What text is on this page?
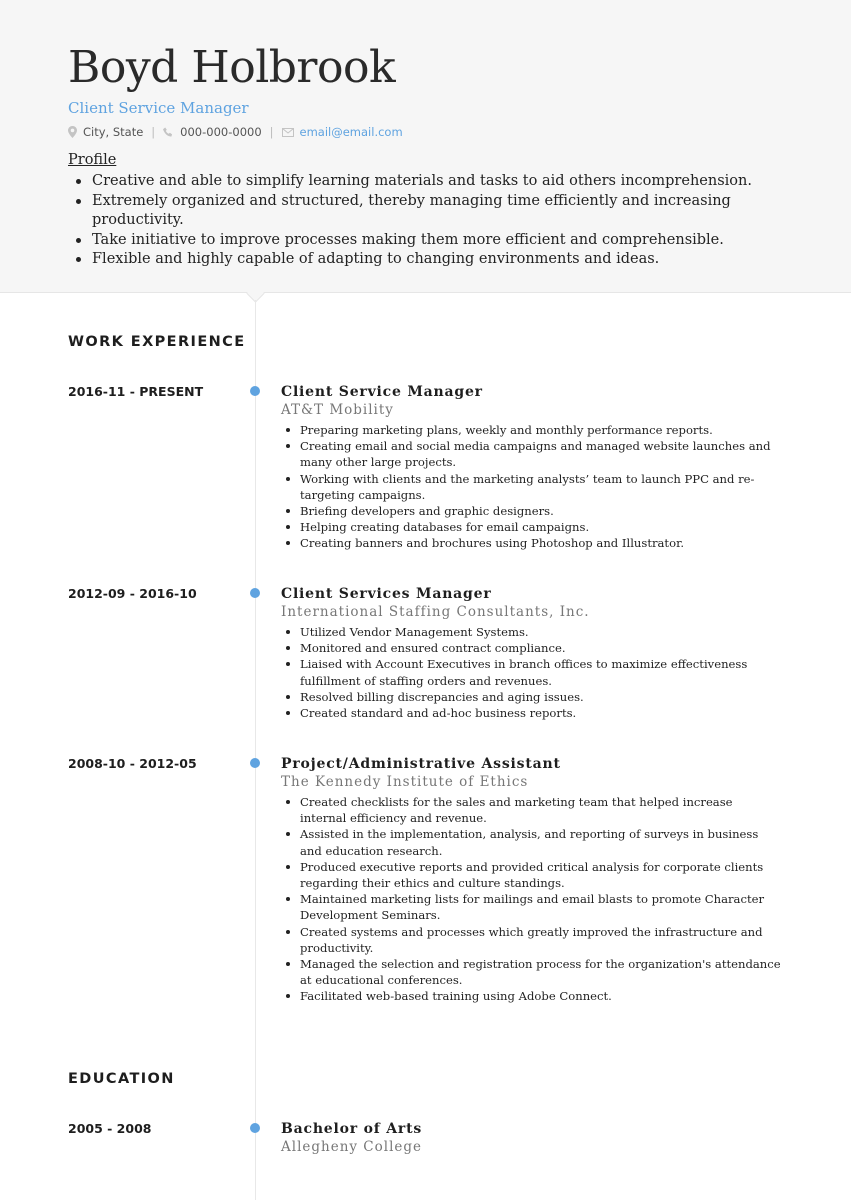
Boyd Holbrook
Client Service Manager
City, State | 000-000-0000 | email@email.com
Profile
Creative and able to simplify learning materials and tasks to aid others incomprehension.
Extremely organized and structured, thereby managing time efficiently and increasing productivity.
Take initiative to improve processes making them more efficient and comprehensible.
Flexible and highly capable of adapting to changing environments and ideas.
WORK EXPERIENCE
2016-11 - PRESENT	Client Service Manager
AT&T Mobility
Preparing marketing plans, weekly and monthly performance reports.
Creating email and social media campaigns and managed website launches and many other large projects.
Working with clients and the marketing analysts’ team to launch PPC and re-targeting campaigns.
Briefing developers and graphic designers.
Helping creating databases for email campaigns.
Creating banners and brochures using Photoshop and Illustrator.
2012-09 - 2016-10	Client Services Manager
International Staffing Consultants, Inc.
Utilized Vendor Management Systems.
Monitored and ensured contract compliance.
Liaised with Account Executives in branch offices to maximize effectiveness fulfillment of staffing orders and revenues.
Resolved billing discrepancies and aging issues.
Created standard and ad-hoc business reports.
2008-10 - 2012-05	Project/Administrative Assistant
The Kennedy Institute of Ethics
Created checklists for the sales and marketing team that helped increase internal efficiency and revenue.
Assisted in the implementation, analysis, and reporting of surveys in business and education research.
Produced executive reports and provided critical analysis for corporate clients regarding their ethics and culture standings.
Maintained marketing lists for mailings and email blasts to promote Character Development Seminars.
Created systems and processes which greatly improved the infrastructure and productivity.
Managed the selection and registration process for the organization's attendance at educational conferences.
Facilitated web-based training using Adobe Connect.
EDUCATION
2005 - 2008	Bachelor of Arts
Allegheny College
